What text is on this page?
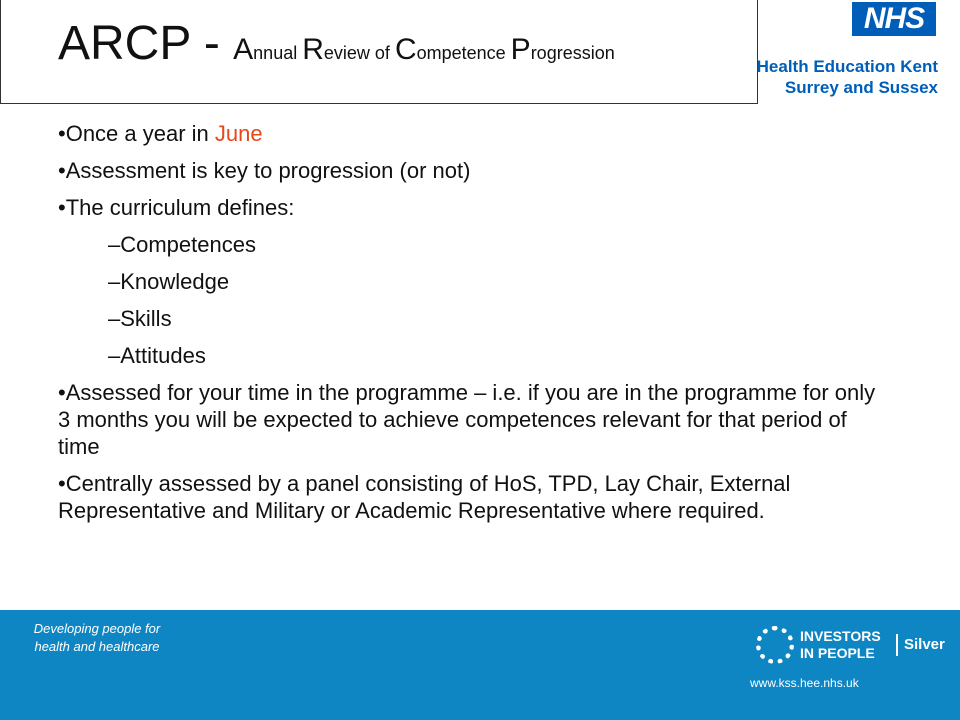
ARCP - Annual Review of Competence Progression
NHS
Health Education Kent
Surrey and Sussex
•Once a year in June
•Assessment is key to progression (or not)
•The curriculum defines:
–Competences
–Knowledge
–Skills
–Attitudes
•Assessed for your time in the programme – i.e. if you are in the programme for only 3 months you will be expected to achieve competences relevant for that period of time
•Centrally assessed by a panel consisting of HoS, TPD, Lay Chair, External Representative and Military or Academic Representative where required.
Developing people for health and healthcare
INVESTORS
IN PEOPLE	Silver
www.kss.hee.nhs.uk
